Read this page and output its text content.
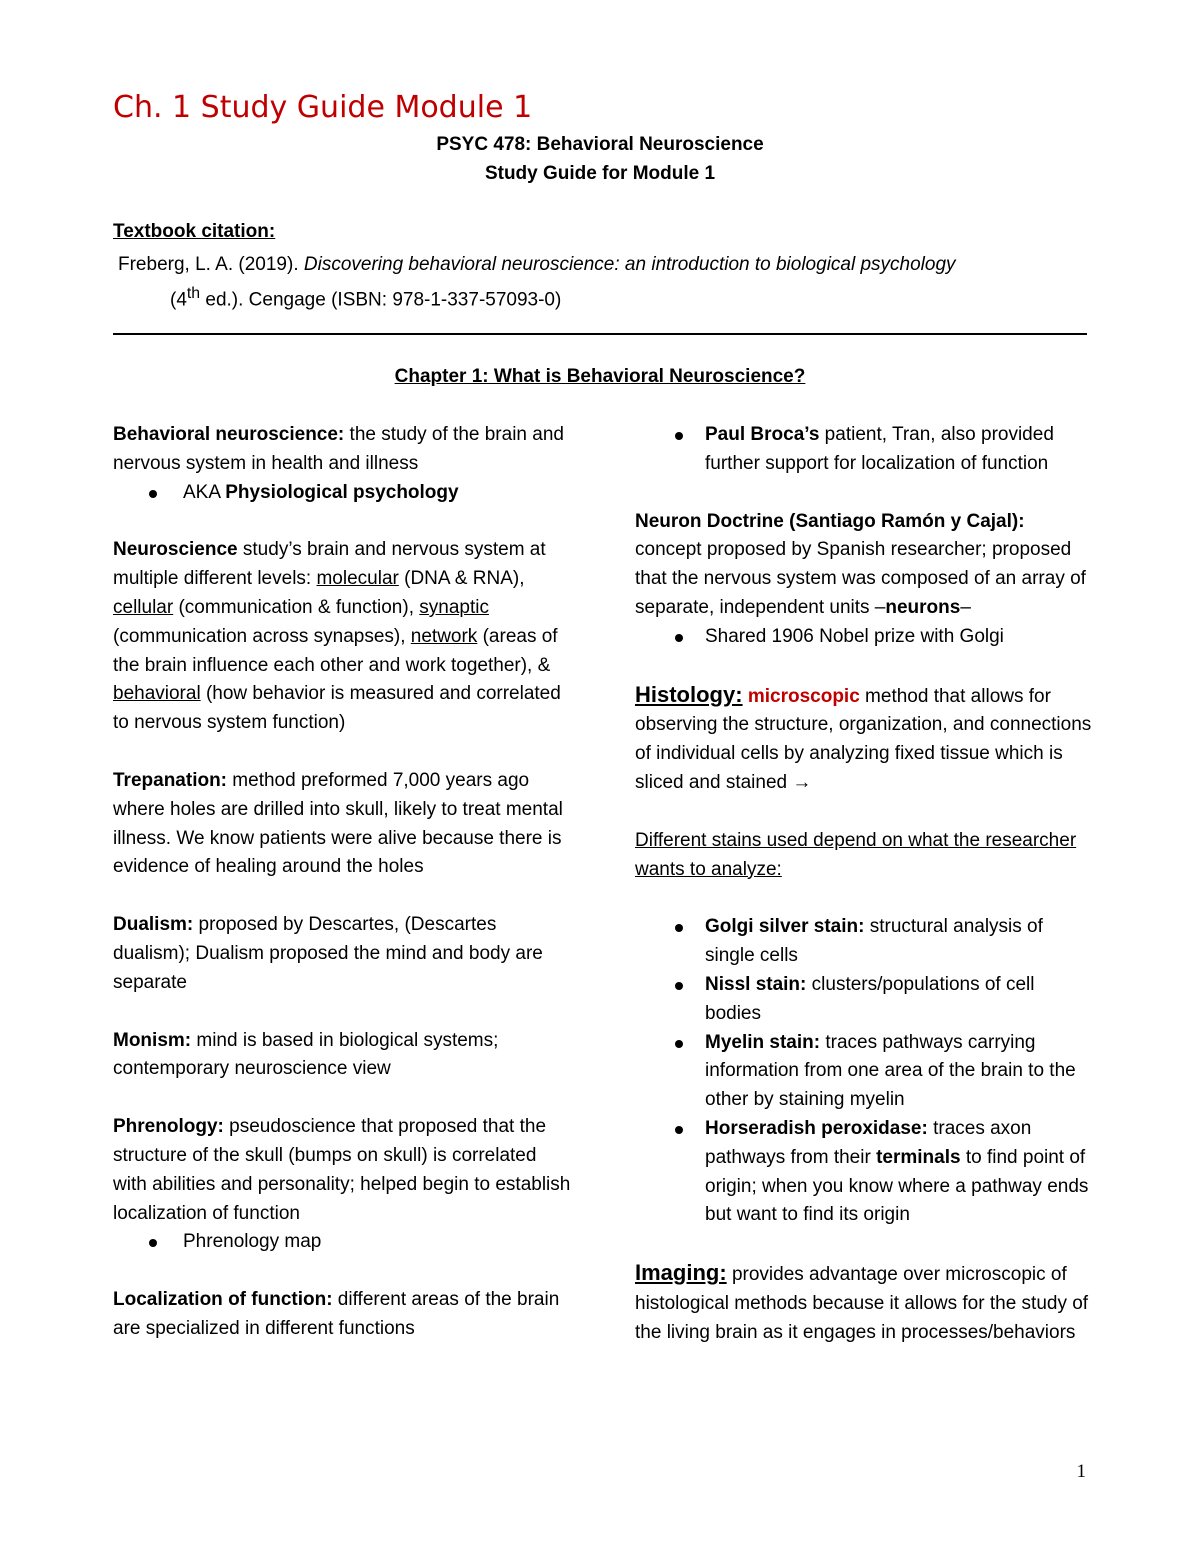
Ch. 1 Study Guide Module 1

PSYC 478: Behavioral Neuroscience

Study Guide for Module 1

Textbook citation:

Freberg, L. A. (2019). Discovering behavioral neuroscience: an introduction to biological psychology
(4th ed.). Cengage (ISBN: 978-1-337-57093-0)

Chapter 1: What is Behavioral Neuroscience?

Behavioral neuroscience: the study of the brain and nervous system in health and illness

AKA Physiological psychology

Neuroscience study’s brain and nervous system at multiple different levels: molecular (DNA & RNA), cellular (communication & function), synaptic (communication across synapses), network (areas of the brain influence each other and work together), & behavioral (how behavior is measured and correlated to nervous system function)

Trepanation: method preformed 7,000 years ago where holes are drilled into skull, likely to treat mental illness. We know patients were alive because there is evidence of healing around the holes

Dualism: proposed by Descartes, (Descartes dualism); Dualism proposed the mind and body are separate

Monism: mind is based in biological systems; contemporary neuroscience view

Phrenology: pseudoscience that proposed that the structure of the skull (bumps on skull) is correlated with abilities and personality; helped begin to establish localization of function

Phrenology map

Localization of function: different areas of the brain are specialized in different functions

Paul Broca’s patient, Tran, also provided further support for localization of function

Neuron Doctrine (Santiago Ramón y Cajal): concept proposed by Spanish researcher; proposed that the nervous system was composed of an array of separate, independent units –neurons–

Shared 1906 Nobel prize with Golgi

Histology: microscopic method that allows for observing the structure, organization, and connections of individual cells by analyzing fixed tissue which is sliced and stained →

Different stains used depend on what the researcher wants to analyze:

Golgi silver stain: structural analysis of single cells
Nissl stain: clusters/populations of cell bodies
Myelin stain: traces pathways carrying information from one area of the brain to the other by staining myelin
Horseradish peroxidase: traces axon pathways from their terminals to find point of origin; when you know where a pathway ends but want to find its origin

Imaging: provides advantage over microscopic of histological methods because it allows for the study of the living brain as it engages in processes/behaviors

1
